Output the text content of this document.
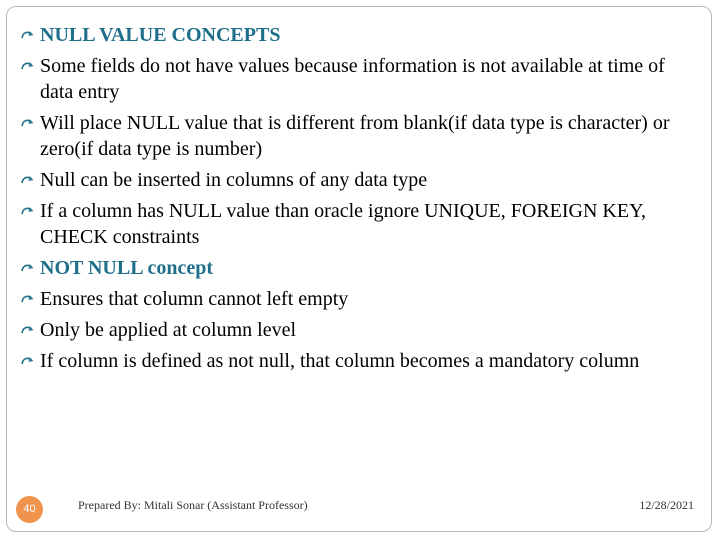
NULL VALUE CONCEPTS
Some fields do not have values because information is not available at time of data entry
Will place NULL value that is different from blank(if data type is character) or zero(if data type is number)
Null can be inserted in columns of any data type
If a column has NULL value than oracle ignore UNIQUE, FOREIGN KEY, CHECK constraints
NOT NULL concept
Ensures that column cannot left empty
Only be applied at column level
If column is defined as not null, that column becomes a mandatory column
40	Prepared By: Mitali Sonar (Assistant Professor)	12/28/2021
